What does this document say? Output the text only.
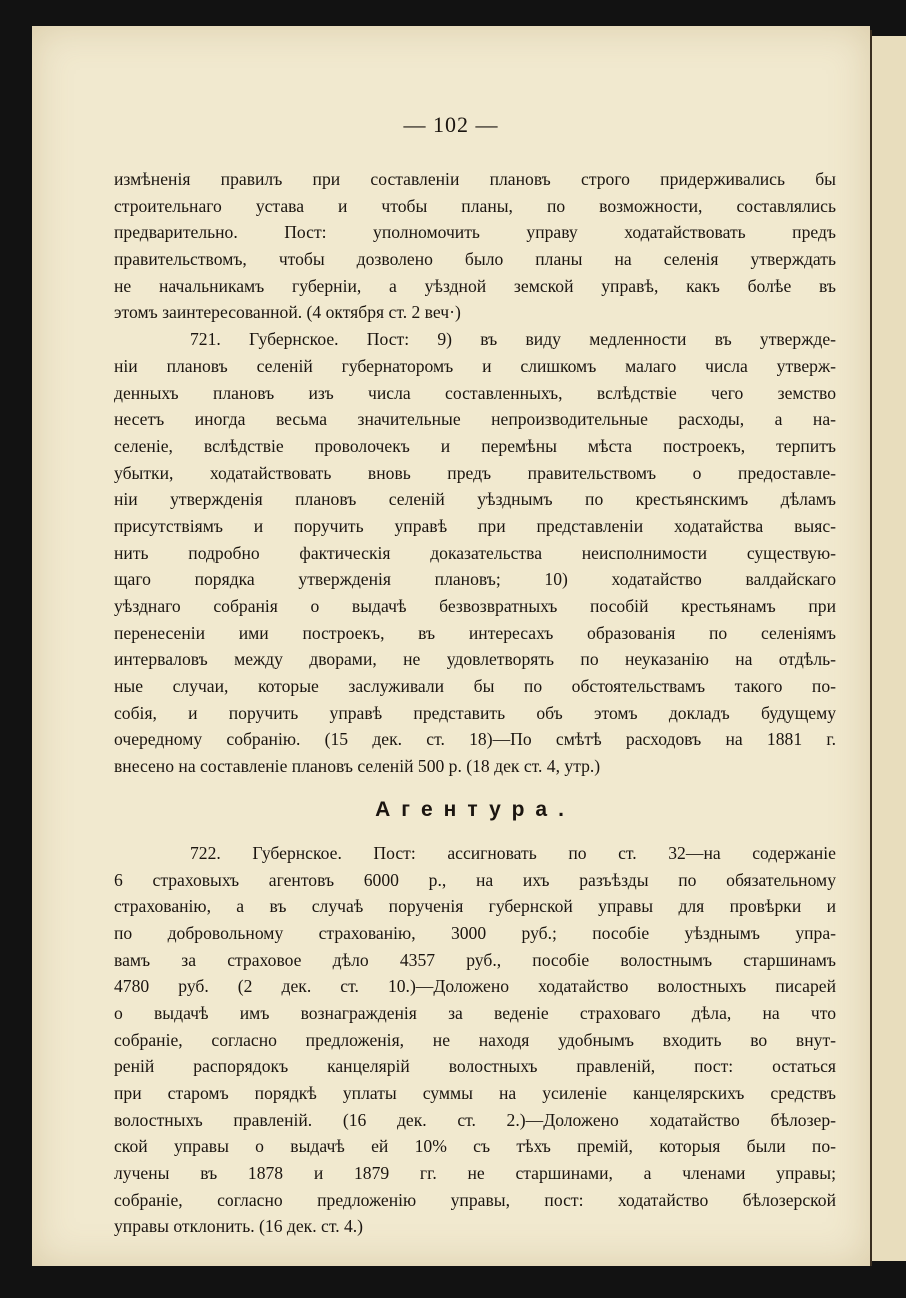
— 102 —
измѣненія правилъ при составленіи плановъ строго придерживались бы
строительнаго устава и чтобы планы, по возможности, составлялись
предварительно. Пост: уполномочить управу ходатайствовать предъ
правительствомъ, чтобы дозволено было планы на селенія утверждать
не начальникамъ губерніи, а уѣздной земской управѣ, какъ болѣе въ
этомъ заинтересованной. (4 октября ст. 2 веч·)
721. Губернское. Пост: 9) въ виду медленности въ утвержде-
ніи плановъ селеній губернаторомъ и слишкомъ малаго числа утверж-
денныхъ плановъ изъ числа составленныхъ, вслѣдствіе чего земство
несетъ иногда весьма значительные непроизводительные расходы, а на-
селеніе, вслѣдствіе проволочекъ и перемѣны мѣста построекъ, терпитъ
убытки, ходатайствовать вновь предъ правительствомъ о предоставле-
ніи утвержденія плановъ селеній уѣзднымъ по крестьянскимъ дѣламъ
присутствіямъ и поручить управѣ при представленіи ходатайства выяс-
нить подробно фактическія доказательства неисполнимости существую-
щаго порядка утвержденія плановъ; 10) ходатайство валдайскаго
уѣзднаго собранія о выдачѣ безвозвратныхъ пособій крестьянамъ при
перенесеніи ими построекъ, въ интересахъ образованія по селеніямъ
интерваловъ между дворами, не удовлетворять по неуказанію на отдѣль-
ные случаи, которые заслуживали бы по обстоятельствамъ такого по-
собія, и поручить управѣ представить объ этомъ докладъ будущему
очередному собранію. (15 дек. ст. 18)—По смѣтѣ расходовъ на 1881 г.
внесено на составленіе плановъ селеній 500 р. (18 дек ст. 4, утр.)
Агентура.
722. Губернское. Пост: ассигновать по ст. 32—на содержаніе
6 страховыхъ агентовъ 6000 р., на ихъ разъѣзды по обязательному
страхованію, а въ случаѣ порученія губернской управы для провѣрки и
по добровольному страхованію, 3000 руб.; пособіе уѣзднымъ упра-
вамъ за страховое дѣло 4357 руб., пособіе волостнымъ старшинамъ
4780 руб. (2 дек. ст. 10.)—Доложено ходатайство волостныхъ писарей
о выдачѣ имъ вознагражденія за веденіе страховаго дѣла, на что
собраніе, согласно предложенія, не находя удобнымъ входить во внут-
реній распорядокъ канцелярій волостныхъ правленій, пост: остаться
при старомъ порядкѣ уплаты суммы на усиленіе канцелярскихъ средствъ
волостныхъ правленій. (16 дек. ст. 2.)—Доложено ходатайство бѣлозер-
ской управы о выдачѣ ей 10% съ тѣхъ премій, которыя были по-
лучены въ 1878 и 1879 гг. не старшинами, а членами управы;
собраніе, согласно предложенію управы, пост: ходатайство бѣлозерской
управы отклонить. (16 дек. ст. 4.)
